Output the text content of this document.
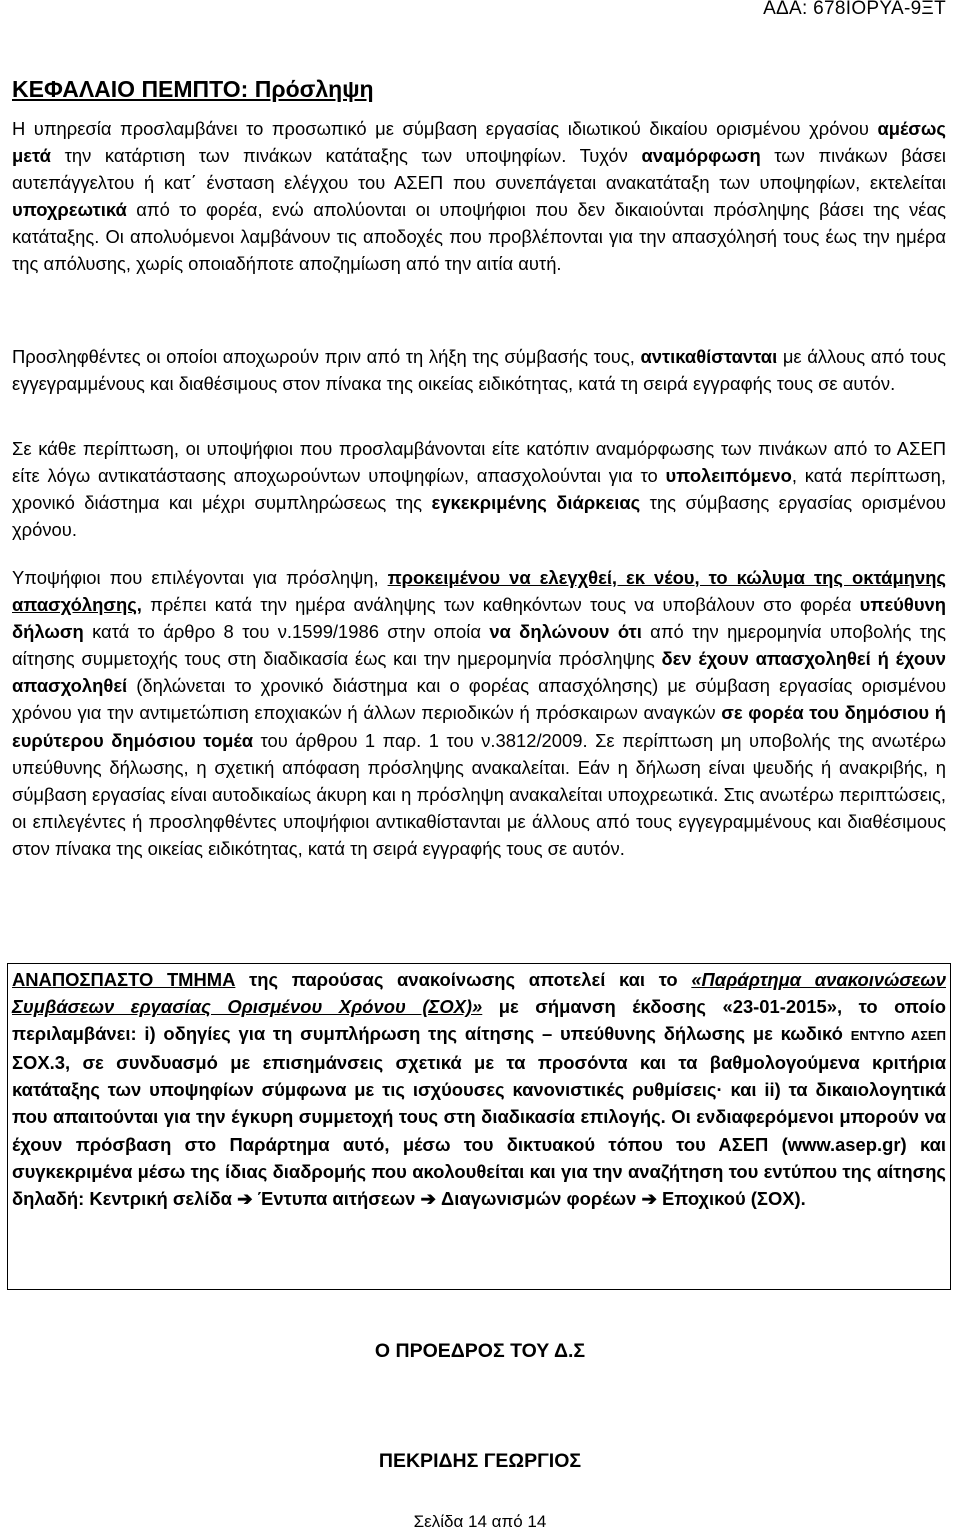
ΑΔΑ: 678ΙΟΡΥΑ-9ΞΤ
ΚΕΦΑΛΑΙΟ ΠΕΜΠΤΟ: Πρόσληψη
Η υπηρεσία προσλαμβάνει το προσωπικό με σύμβαση εργασίας ιδιωτικού δικαίου ορισμένου χρόνου αμέσως μετά την κατάρτιση των πινάκων κατάταξης των υποψηφίων. Τυχόν αναμόρφωση των πινάκων βάσει αυτεπάγγελτου ή κατ΄ ένσταση ελέγχου του ΑΣΕΠ που συνεπάγεται ανακατάταξη των υποψηφίων, εκτελείται υποχρεωτικά από το φορέα, ενώ απολύονται οι υποψήφιοι που δεν δικαιούνται πρόσληψης βάσει της νέας κατάταξης. Οι απολυόμενοι λαμβάνουν τις αποδοχές που προβλέπονται για την απασχόλησή τους έως την ημέρα της απόλυσης, χωρίς οποιαδήποτε αποζημίωση από την αιτία αυτή.
Προσληφθέντες οι οποίοι αποχωρούν πριν από τη λήξη της σύμβασής τους, αντικαθίστανται με άλλους από τους εγγεγραμμένους και διαθέσιμους στον πίνακα της οικείας ειδικότητας, κατά τη σειρά εγγραφής τους σε αυτόν.
Σε κάθε περίπτωση, οι υποψήφιοι που προσλαμβάνονται είτε κατόπιν αναμόρφωσης των πινάκων από το ΑΣΕΠ είτε λόγω αντικατάστασης αποχωρούντων υποψηφίων, απασχολούνται για το υπολειπόμενο, κατά περίπτωση, χρονικό διάστημα και μέχρι συμπληρώσεως της εγκεκριμένης διάρκειας της σύμβασης εργασίας ορισμένου χρόνου.
Υποψήφιοι που επιλέγονται για πρόσληψη, προκειμένου να ελεγχθεί, εκ νέου, το κώλυμα της οκτάμηνης απασχόλησης, πρέπει κατά την ημέρα ανάληψης των καθηκόντων τους να υποβάλουν στο φορέα υπεύθυνη δήλωση κατά το άρθρο 8 του ν.1599/1986 στην οποία να δηλώνουν ότι από την ημερομηνία υποβολής της αίτησης συμμετοχής τους στη διαδικασία έως και την ημερομηνία πρόσληψης δεν έχουν απασχοληθεί ή έχουν απασχοληθεί (δηλώνεται το χρονικό διάστημα και ο φορέας απασχόλησης) με σύμβαση εργασίας ορισμένου χρόνου για την αντιμετώπιση εποχιακών ή άλλων περιοδικών ή πρόσκαιρων αναγκών σε φορέα του δημόσιου ή ευρύτερου δημόσιου τομέα του άρθρου 1 παρ. 1 του ν.3812/2009. Σε περίπτωση μη υποβολής της ανωτέρω υπεύθυνης δήλωσης, η σχετική απόφαση πρόσληψης ανακαλείται. Εάν η δήλωση είναι ψευδής ή ανακριβής, η σύμβαση εργασίας είναι αυτοδικαίως άκυρη και η πρόσληψη ανακαλείται υποχρεωτικά. Στις ανωτέρω περιπτώσεις, οι επιλεγέντες ή προσληφθέντες υποψήφιοι αντικαθίστανται με άλλους από τους εγγεγραμμένους και διαθέσιμους στον πίνακα της οικείας ειδικότητας, κατά τη σειρά εγγραφής τους σε αυτόν.
ΑΝΑΠΟΣΠΑΣΤΟ ΤΜΗΜΑ της παρούσας ανακοίνωσης αποτελεί και το «Παράρτημα ανακοινώσεων Συμβάσεων εργασίας Ορισμένου Χρόνου (ΣΟΧ)» με σήμανση έκδοσης «23-01-2015», το οποίο περιλαμβάνει: i) οδηγίες για τη συμπλήρωση της αίτησης – υπεύθυνης δήλωσης με κωδικό ΕΝΤΥΠΟ ΑΣΕΠ ΣΟΧ.3, σε συνδυασμό με επισημάνσεις σχετικά με τα προσόντα και τα βαθμολογούμενα κριτήρια κατάταξης των υποψηφίων σύμφωνα με τις ισχύουσες κανονιστικές ρυθμίσεις· και ii) τα δικαιολογητικά που απαιτούνται για την έγκυρη συμμετοχή τους στη διαδικασία επιλογής. Οι ενδιαφερόμενοι μπορούν να έχουν πρόσβαση στο Παράρτημα αυτό, μέσω του δικτυακού τόπου του ΑΣΕΠ (www.asep.gr) και συγκεκριμένα μέσω της ίδιας διαδρομής που ακολουθείται και για την αναζήτηση του εντύπου της αίτησης δηλαδή: Κεντρική σελίδα ➔ Έντυπα αιτήσεων ➔ Διαγωνισμών φορέων ➔ Εποχικού (ΣΟΧ).
Ο ΠΡΟΕΔΡΟΣ ΤΟΥ Δ.Σ
ΠΕΚΡΙΔΗΣ ΓΕΩΡΓΙΟΣ
Σελίδα 14 από 14
